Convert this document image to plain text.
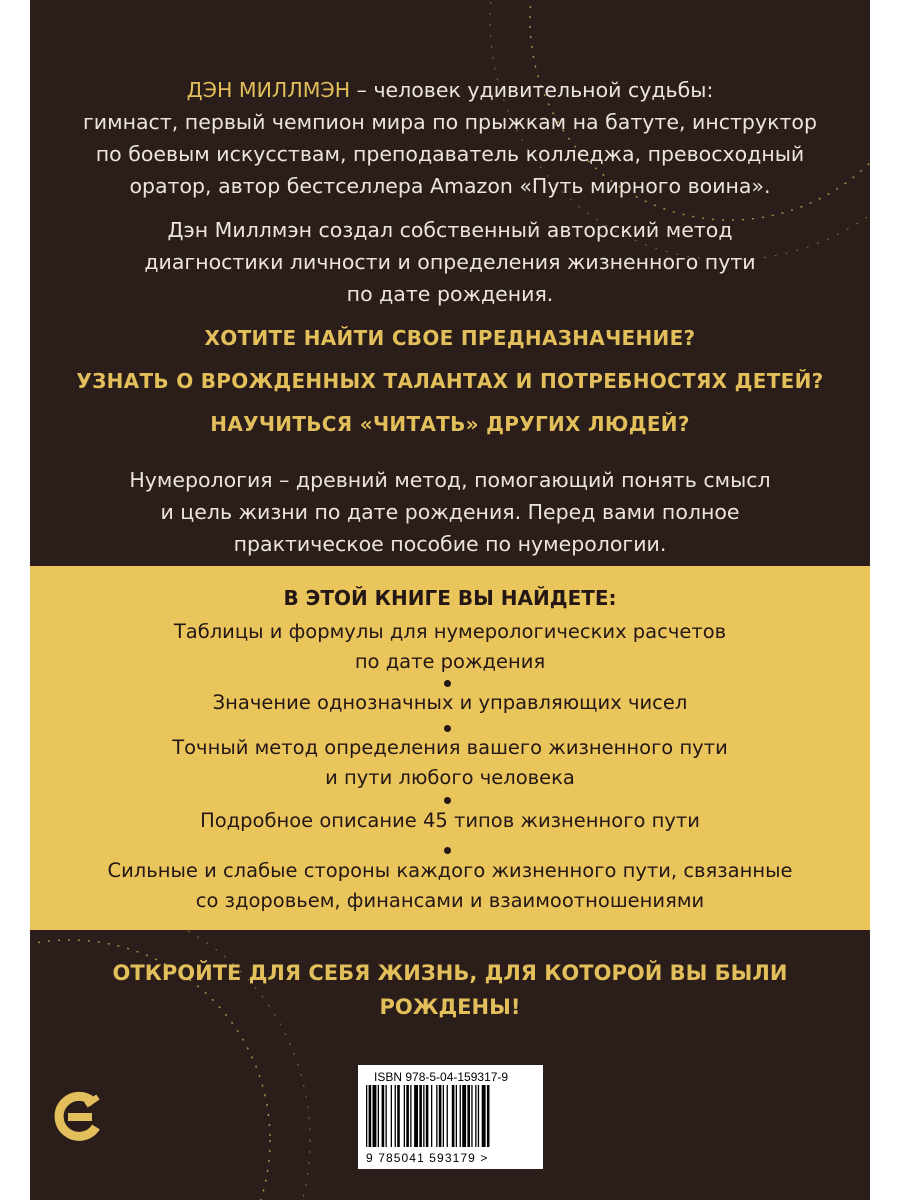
ДЭН МИЛЛМЭН – человек удивительной судьбы:
гимнаст, первый чемпион мира по прыжкам на батуте, инструктор
по боевым искусствам, преподаватель колледжа, превосходный
оратор, автор бестселлера Amazon «Путь мирного воина».
Дэн Миллмэн создал собственный авторский метод
диагностики личности и определения жизненного пути
по дате рождения.
ХОТИТЕ НАЙТИ СВОЕ ПРЕДНАЗНАЧЕНИЕ?
УЗНАТЬ О ВРОЖДЕННЫХ ТАЛАНТАХ И ПОТРЕБНОСТЯХ ДЕТЕЙ?
НАУЧИТЬСЯ «ЧИТАТЬ» ДРУГИХ ЛЮДЕЙ?
Нумерология – древний метод, помогающий понять смысл
и цель жизни по дате рождения. Перед вами полное
практическое пособие по нумерологии.
В ЭТОЙ КНИГЕ ВЫ НАЙДЕТЕ:
Таблицы и формулы для нумерологических расчетов
по дате рождения
Значение однозначных и управляющих чисел
Точный метод определения вашего жизненного пути
и пути любого человека
Подробное описание 45 типов жизненного пути
Сильные и слабые стороны каждого жизненного пути, связанные
со здоровьем, финансами и взаимоотношениями
ОТКРОЙТЕ ДЛЯ СЕБЯ ЖИЗНЬ, ДЛЯ КОТОРОЙ ВЫ БЫЛИ
РОЖДЕНЫ!
ISBN 978-5-04-159317-9
9 785041 593179 >
